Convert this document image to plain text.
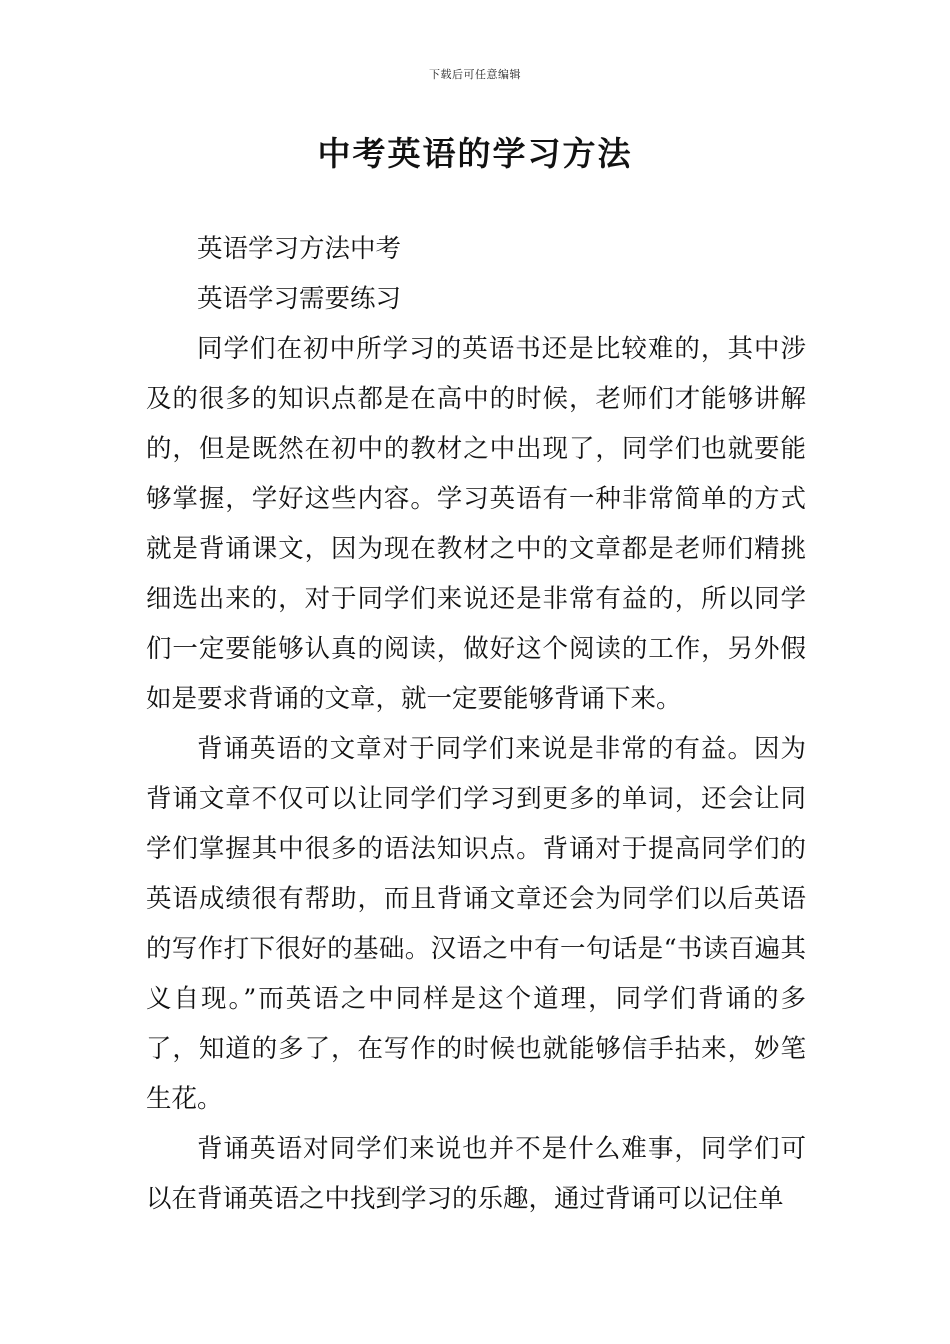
下载后可任意编辑
中考英语的学习方法

英语学习方法中考

英语学习需要练习

同学们在初中所学习的英语书还是比较难的，其中涉及的很多的知识点都是在高中的时候，老师们才能够讲解的，但是既然在初中的教材之中出现了，同学们也就要能够掌握，学好这些内容。学习英语有一种非常简单的方式就是背诵课文，因为现在教材之中的文章都是老师们精挑细选出来的，对于同学们来说还是非常有益的，所以同学们一定要能够认真的阅读，做好这个阅读的工作，另外假如是要求背诵的文章，就一定要能够背诵下来。

背诵英语的文章对于同学们来说是非常的有益。因为背诵文章不仅可以让同学们学习到更多的单词，还会让同学们掌握其中很多的语法知识点。背诵对于提高同学们的英语成绩很有帮助，而且背诵文章还会为同学们以后英语的写作打下很好的基础。汉语之中有一句话是“书读百遍其义自现。”而英语之中同样是这个道理，同学们背诵的多了，知道的多了，在写作的时候也就能够信手拈来，妙笔生花。

背诵英语对同学们来说也并不是什么难事，同学们可以在背诵英语之中找到学习的乐趣，通过背诵可以记住单
